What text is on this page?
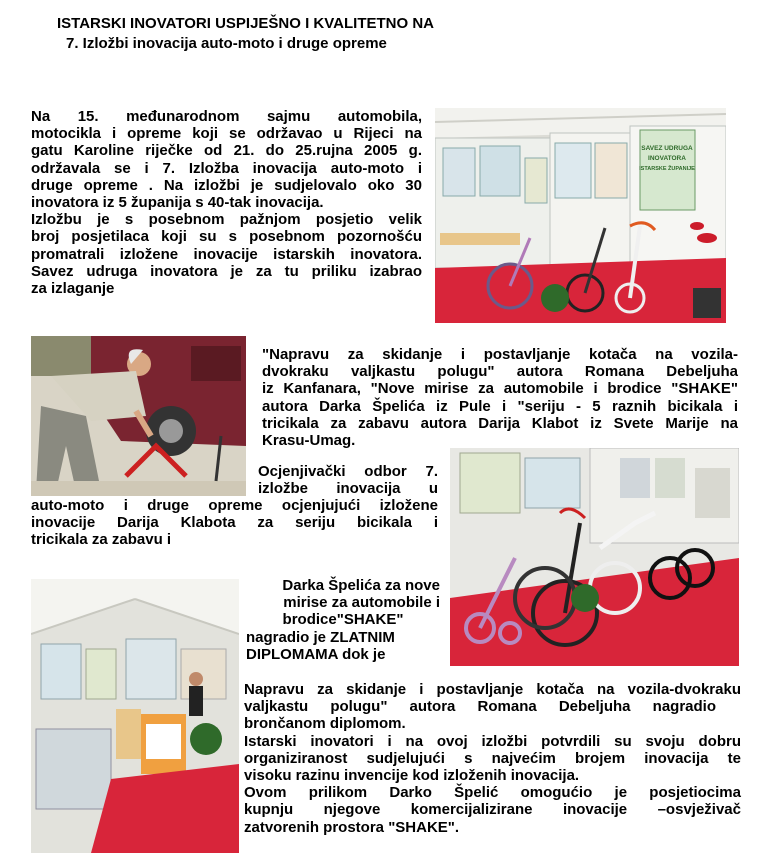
ISTARSKI INOVATORI USPIJEŠNO I KVALITETNO NA
7. Izložbi inovacija auto-moto i druge opreme
Na 15. međunarodnom sajmu automobila,
motocikla i opreme koji se održavao u Rijeci na
gatu Karoline riječke od 21. do 25.rujna 2005 g.
održavala se i 7. Izložba inovacija auto-moto i
druge opreme . Na izložbi je sudjelovalo oko 30
inovatora iz 5 županija s 40-tak inovacija.
Izložbu je s posebnom pažnjom posjetio velik
broj posjetilaca koji su s posebnom pozornošću
promatrali izložene inovacije istarskih inovatora.
Savez udruga inovatora je za tu priliku izabrao
za izlaganje
"Napravu za skidanje i postavljanje kotača na vozila-
dvokraku valjkastu polugu" autora Romana Debeljuha
iz Kanfanara, "Nove mirise za automobile i brodice "SHAKE"
autora Darka Špelića iz Pule i "seriju - 5 raznih bicikala i
tricikala za zabavu autora Darija Klabot iz Svete Marije na
Krasu-Umag.
Ocjenjivački odbor 7.
izložbe inovacija u
auto-moto i druge opreme ocjenjujući izložene
inovacije Darija Klabota za seriju bicikala i
tricikala za zabavu i
Darka Špelića za nove
mirise za automobile i
brodice"SHAKE"
nagradio je ZLATNIM
DIPLOMAMA dok je
Napravu za skidanje i postavljanje kotača na vozila-dvokraku
valjkastu polugu" autora Romana Debeljuha nagradio
brončanom diplomom.
Istarski inovatori i na ovoj izložbi potvrdili su svoju dobru
organiziranost sudjelujući s najvećim brojem inovacija te
visoku razinu invencije kod izloženih inovacija.
Ovom prilikom Darko Špelić omogućio je posjetiocima
kupnju njegove komercijalizirane inovacije –osvježivač
zatvorenih prostora "SHAKE".
SAVEZ UDRUGA
INOVATORA
ISTARSKE ŽUPANIJE
